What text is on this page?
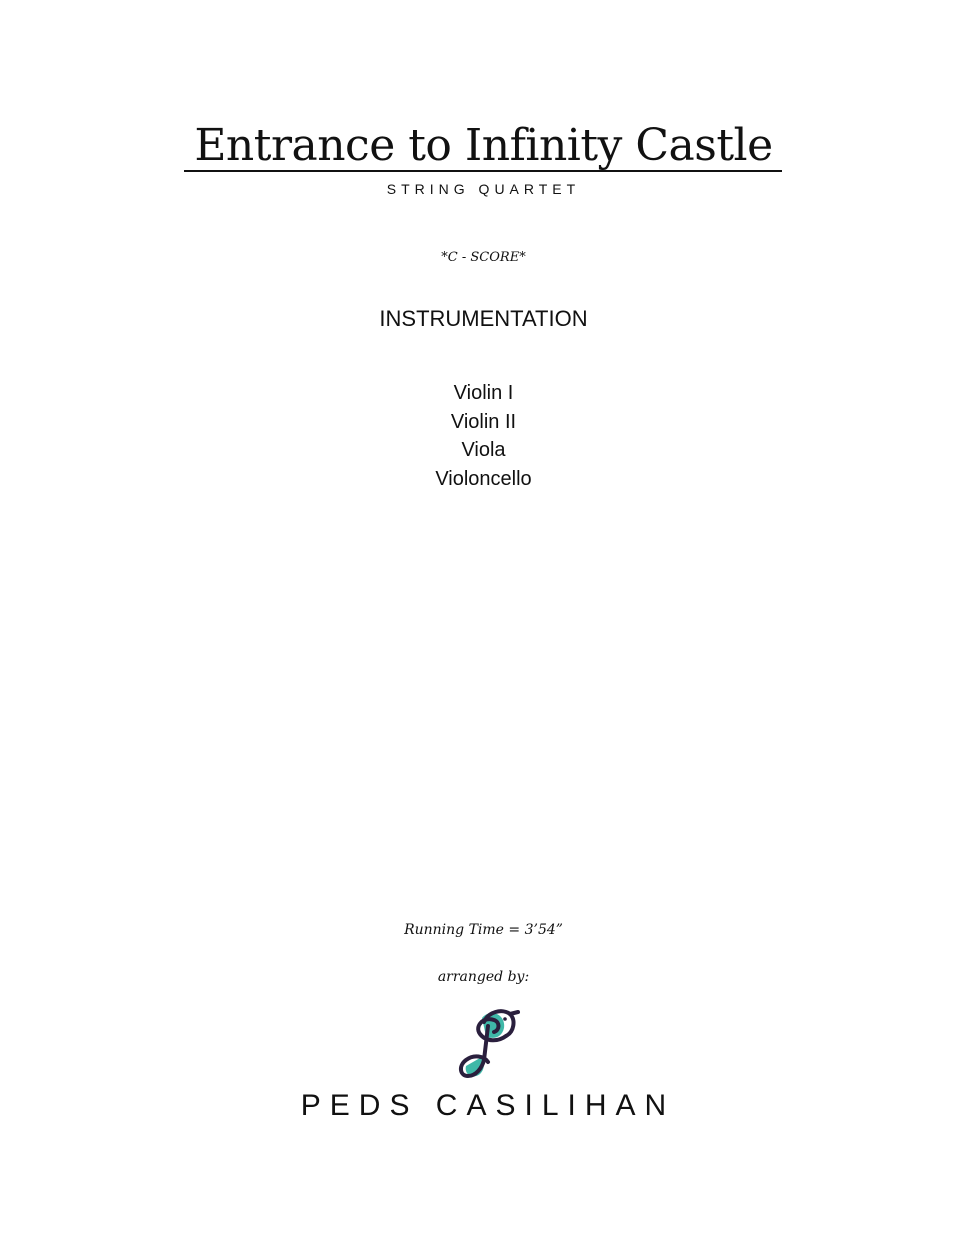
Entrance to Infinity Castle
STRING QUARTET
*C - SCORE*
INSTRUMENTATION
Violin I
Violin II
Viola
Violoncello
Running Time = 3’54”
arranged by:
PEDS CASILIHAN
